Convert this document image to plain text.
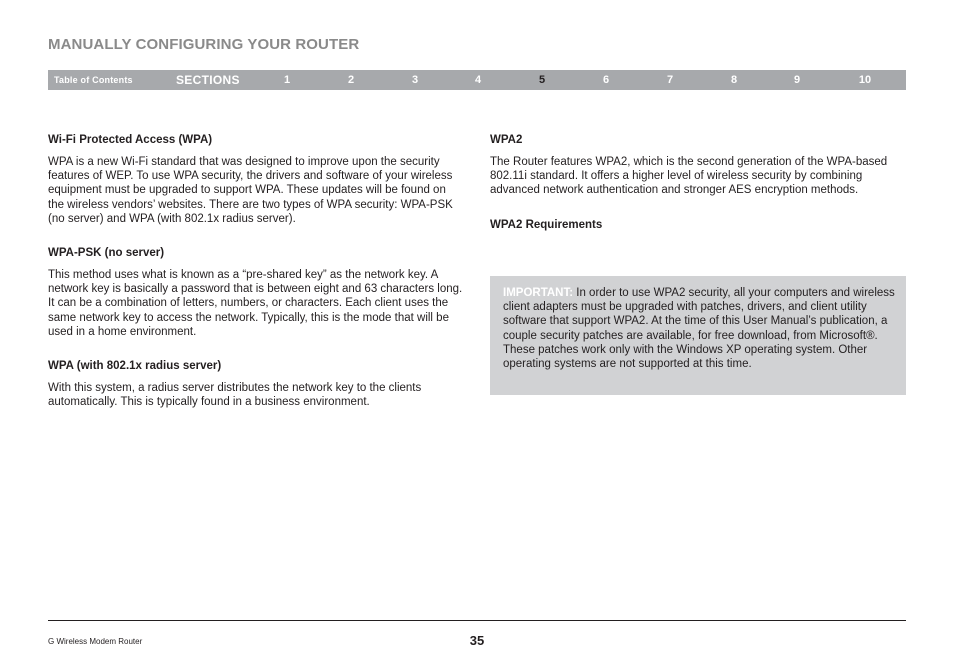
MANUALLY CONFIGURING YOUR ROUTER
Table of Contents	SECTIONS	1	2	3	4	5	6	7	8	9	10
Wi-Fi Protected Access (WPA)

WPA is a new Wi-Fi standard that was designed to improve upon the security features of WEP. To use WPA security, the drivers and software of your wireless equipment must be upgraded to support WPA. These updates will be found on the wireless vendors’ websites. There are two types of WPA security: WPA-PSK (no server) and WPA (with 802.1x radius server).

WPA-PSK (no server)

This method uses what is known as a “pre-shared key” as the network key. A network key is basically a password that is between eight and 63 characters long. It can be a combination of letters, numbers, or characters. Each client uses the same network key to access the network. Typically, this is the mode that will be used in a home environment.

WPA (with 802.1x radius server)

With this system, a radius server distributes the network key to the clients automatically. This is typically found in a business environment.

WPA2

The Router features WPA2, which is the second generation of the WPA-based 802.11i standard. It offers a higher level of wireless security by combining advanced network authentication and stronger AES encryption methods.

WPA2 Requirements
IMPORTANT: In order to use WPA2 security, all your computers and wireless client adapters must be upgraded with patches, drivers, and client utility software that support WPA2. At the time of this User Manual’s publication, a couple security patches are available, for free download, from Microsoft®. These patches work only with the Windows XP operating system. Other operating systems are not supported at this time.
G Wireless Modem Router	35
